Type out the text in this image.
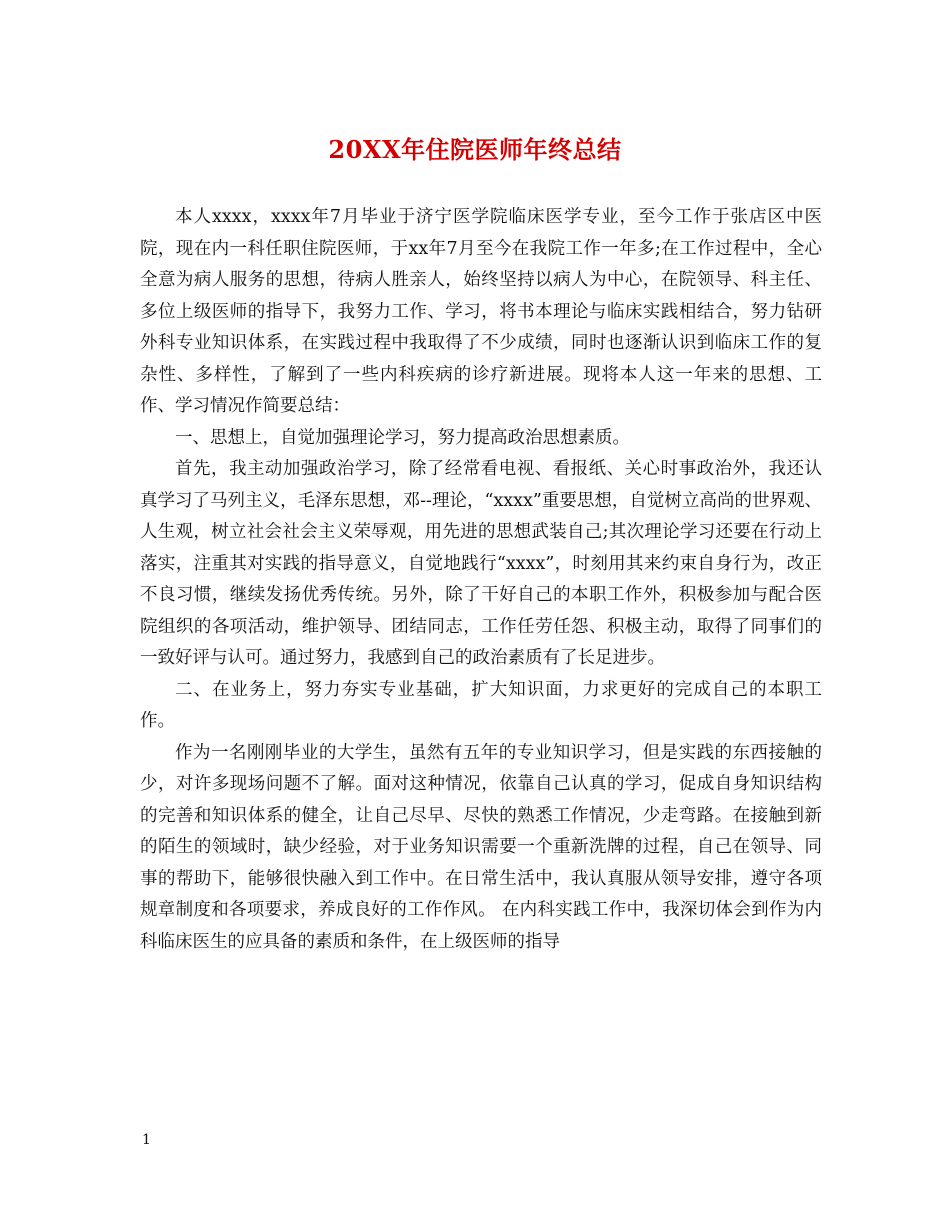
20XX年住院医师年终总结

本人xxxx，xxxx年7月毕业于济宁医学院临床医学专业，至今工作于张店区中医院，现在内一科任职住院医师，于xx年7月至今在我院工作一年多;在工作过程中，全心全意为病人服务的思想，待病人胜亲人，始终坚持以病人为中心，在院领导、科主任、多位上级医师的指导下，我努力工作、学习，将书本理论与临床实践相结合，努力钻研外科专业知识体系，在实践过程中我取得了不少成绩，同时也逐渐认识到临床工作的复杂性、多样性，了解到了一些内科疾病的诊疗新进展。现将本人这一年来的思想、工作、学习情况作简要总结：

一、思想上，自觉加强理论学习，努力提高政治思想素质。

首先，我主动加强政治学习，除了经常看电视、看报纸、关心时事政治外，我还认真学习了马列主义，毛泽东思想，邓--理论，“xxxx”重要思想，自觉树立高尚的世界观、人生观，树立社会社会主义荣辱观，用先进的思想武装自己;其次理论学习还要在行动上落实，注重其对实践的指导意义，自觉地践行“xxxx”，时刻用其来约束自身行为，改正不良习惯，继续发扬优秀传统。另外，除了干好自己的本职工作外，积极参加与配合医院组织的各项活动，维护领导、团结同志，工作任劳任怨、积极主动，取得了同事们的一致好评与认可。通过努力，我感到自己的政治素质有了长足进步。

二、在业务上，努力夯实专业基础，扩大知识面，力求更好的完成自己的本职工作。

作为一名刚刚毕业的大学生，虽然有五年的专业知识学习，但是实践的东西接触的少，对许多现场问题不了解。面对这种情况，依靠自己认真的学习，促成自身知识结构的完善和知识体系的健全，让自己尽早、尽快的熟悉工作情况，少走弯路。在接触到新的陌生的领域时，缺少经验，对于业务知识需要一个重新洗牌的过程，自己在领导、同事的帮助下，能够很快融入到工作中。在日常生活中，我认真服从领导安排，遵守各项规章制度和各项要求，养成良好的工作作风。 在内科实践工作中，我深切体会到作为内科临床医生的应具备的素质和条件，在上级医师的指导

1
